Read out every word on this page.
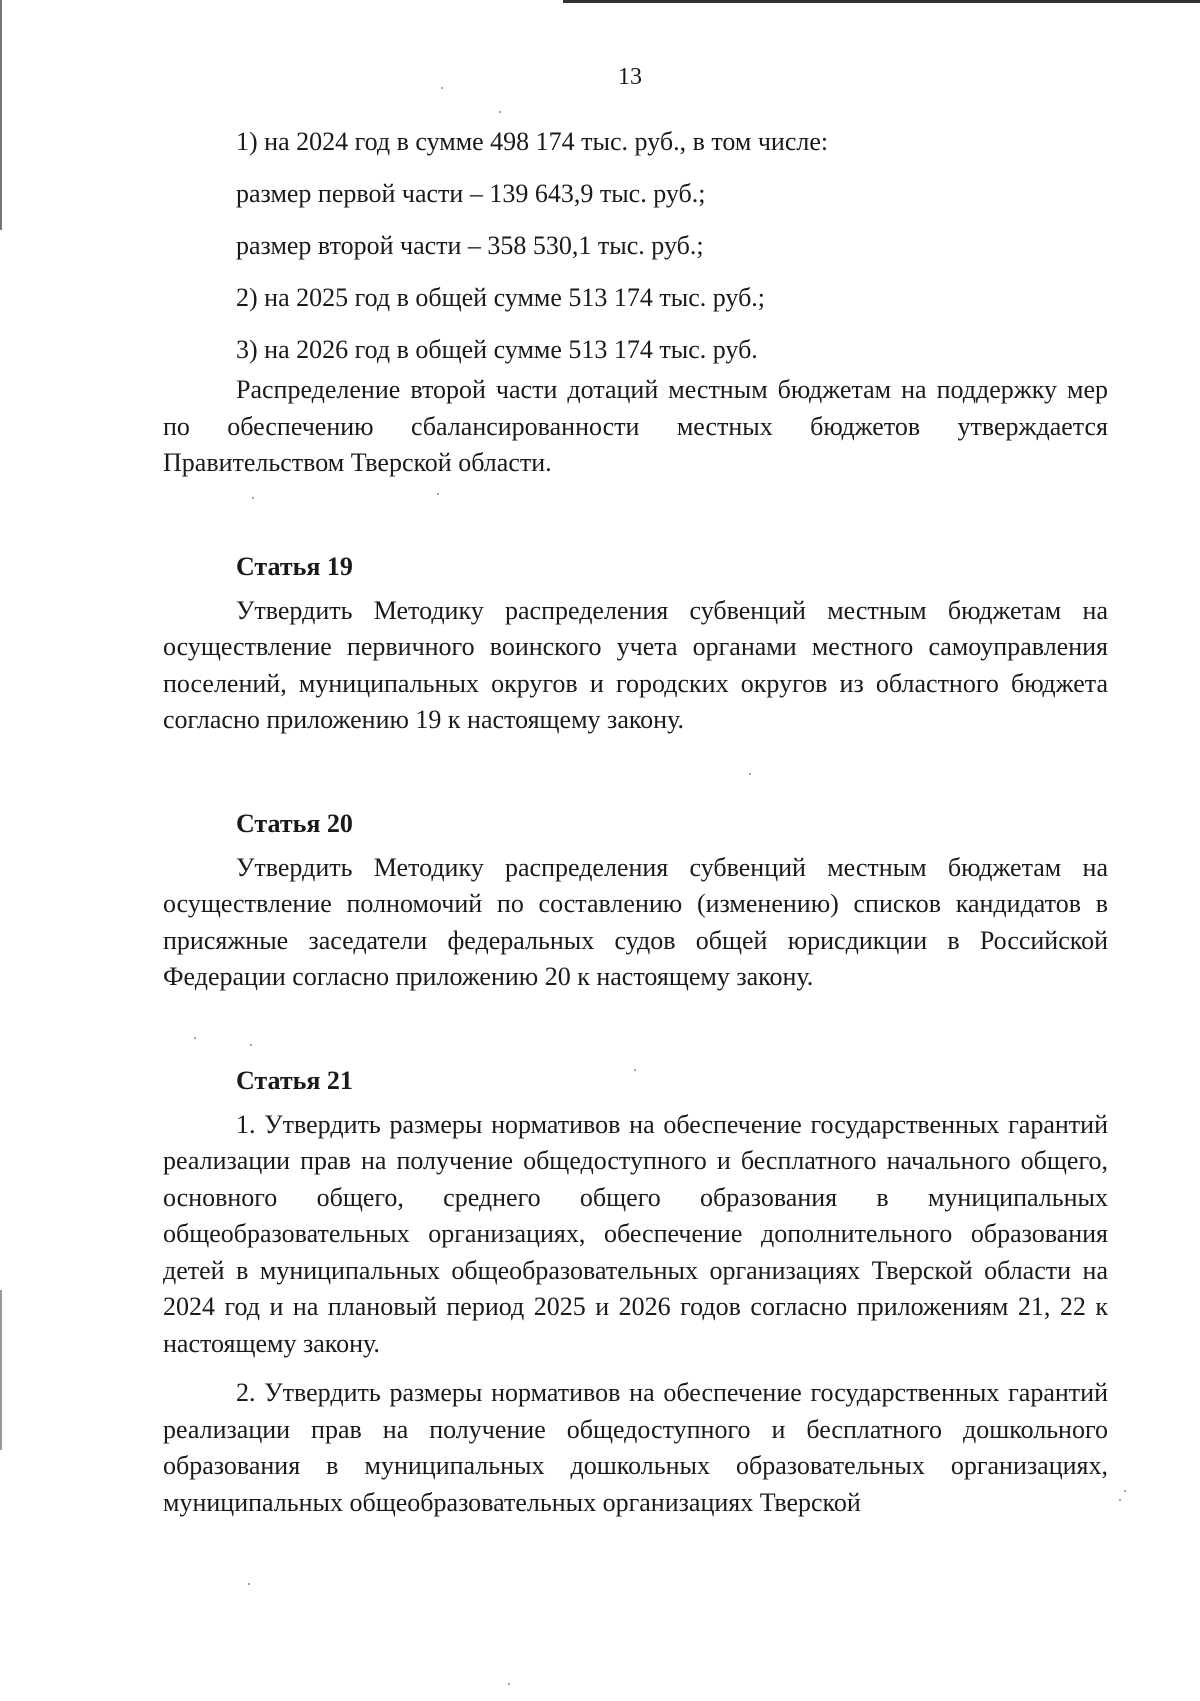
13

1) на 2024 год в сумме 498 174 тыс. руб., в том числе:

размер первой части – 139 643,9 тыс. руб.;

размер второй части – 358 530,1 тыс. руб.;

2) на 2025 год в общей сумме 513 174 тыс. руб.;

3) на 2026 год в общей сумме 513 174 тыс. руб.

Распределение второй части дотаций местным бюджетам на поддержку мер по обеспечению сбалансированности местных бюджетов утверждается Правительством Тверской области.

Статья 19

Утвердить Методику распределения субвенций местным бюджетам на осуществление первичного воинского учета органами местного самоуправления поселений, муниципальных округов и городских округов из областного бюджета согласно приложению 19 к настоящему закону.

Статья 20

Утвердить Методику распределения субвенций местным бюджетам на осуществление полномочий по составлению (изменению) списков кандидатов в присяжные заседатели федеральных судов общей юрисдикции в Российской Федерации согласно приложению 20 к настоящему закону.

Статья 21

1. Утвердить размеры нормативов на обеспечение государственных гарантий реализации прав на получение общедоступного и бесплатного начального общего, основного общего, среднего общего образования в муниципальных общеобразовательных организациях, обеспечение дополнительного образования детей в муниципальных общеобразовательных организациях Тверской области на 2024 год и на плановый период 2025 и 2026 годов согласно приложениям 21, 22 к настоящему закону.

2. Утвердить размеры нормативов на обеспечение государственных гарантий реализации прав на получение общедоступного и бесплатного дошкольного образования в муниципальных дошкольных образовательных организациях, муниципальных общеобразовательных организациях Тверской
